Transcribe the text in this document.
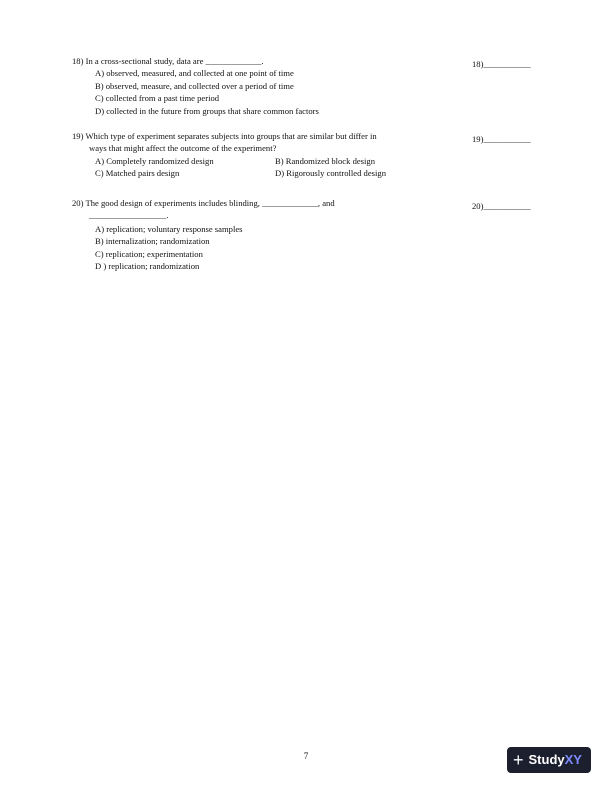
18) In a cross-sectional study, data are _____________.	18)___________
A) observed, measured, and collected at one point of time
B) observed, measure, and collected over a period of time
C) collected from a past time period
D) collected in the future from groups that share common factors
19) Which type of experiment separates subjects into groups that are similar but differ in
ways that might affect the outcome of the experiment?
19)___________
A) Completely randomized design	B) Randomized block design
C) Matched pairs design	D) Rigorously controlled design
20) The good design of experiments includes blinding, _____________, and
__________________.
20)___________
A) replication; voluntary response samples
B) internalization; randomization
C) replication; experimentation
D ) replication; randomization
7	+ Study XY
